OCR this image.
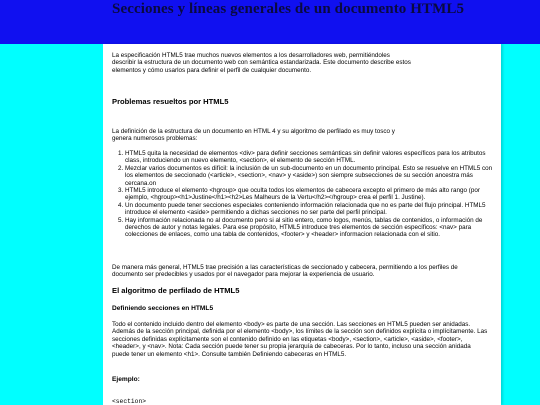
Secciones y líneas generales de un documento HTML5

La especificación HTML5 trae muchos nuevos elementos a los desarrolladores web, permitiéndoles describir la estructura de un documento web con semántica estandarizada. Este documento describe estos elementos y cómo usarlos para definir el perfil de cualquier documento.

Problemas resueltos por HTML5

La definición de la estructura de un documento en HTML 4 y su algoritmo de perfilado es muy tosco y genera numerosos problemas:

1. HTML5 quita la necesidad de elementos <div> para definir secciones semánticas sin definir valores específicos para los atributos class, introduciendo un nuevo elemento, <section>, el elemento de sección HTML.
2. Mezclar varios documentos es difícil: la inclusión de un sub-documento en un documento principal. Esto se resuelve en HTML5 con los elementos de seccionado (<article>, <section>, <nav> y <aside>) son siempre subsecciones de su sección ancestra más cercana.on
3. HTML5 introduce el elemento <hgroup> que oculta todos los elementos de cabecera excepto el primero de más alto rango (por ejemplo, <hgroup><h1>Justine</h1><h2>Les Malheurs de la Vertu</h2></hgroup> crea el perfil 1. Justine).
4. Un documento puede tener secciones especiales conteniendo información relacionada que no es parte del flujo principal. HTML5 introduce el elemento <aside> permitiendo a dichas secciones no ser parte del perfil principal.
5. Hay información relacionada no al documento pero si al sitio entero, como logos, menús, tablas de contenidos, o información de derechos de autor y notas legales. Para ese propósito, HTML5 introduce tres elementos de sección específicos: <nav> para colecciones de enlaces, como una tabla de contenidos, <footer> y <header> informacion relacionada con el sitio.

De manera más general, HTML5 trae precisión a las características de seccionado y cabecera, permitiendo a los perfiles de documento ser predecibles y usados por el navegador para mejorar la experiencia de usuario.

El algoritmo de perfilado de HTML5
Definiendo secciones en HTML5

Todo el contenido incluido dentro del elemento <body> es parte de una sección. Las secciones en HTML5 pueden ser anidadas. Además de la sección principal, definida por el elemento <body>, los límites de la sección son definidos explícita o implícitamente. Las secciones definidas explícitamente son el contenido definido en las etiquetas <body>, <section>, <article>, <aside>, <footer>, <header>, y <nav>. Nota: Cada sección puede tener su propia jerarquía de cabeceras. Por lo tanto, incluso una sección anidada puede tener un elemento <h1>. Consulte también Definiendo cabeceras en HTML5.

Ejemplo:

<section>
